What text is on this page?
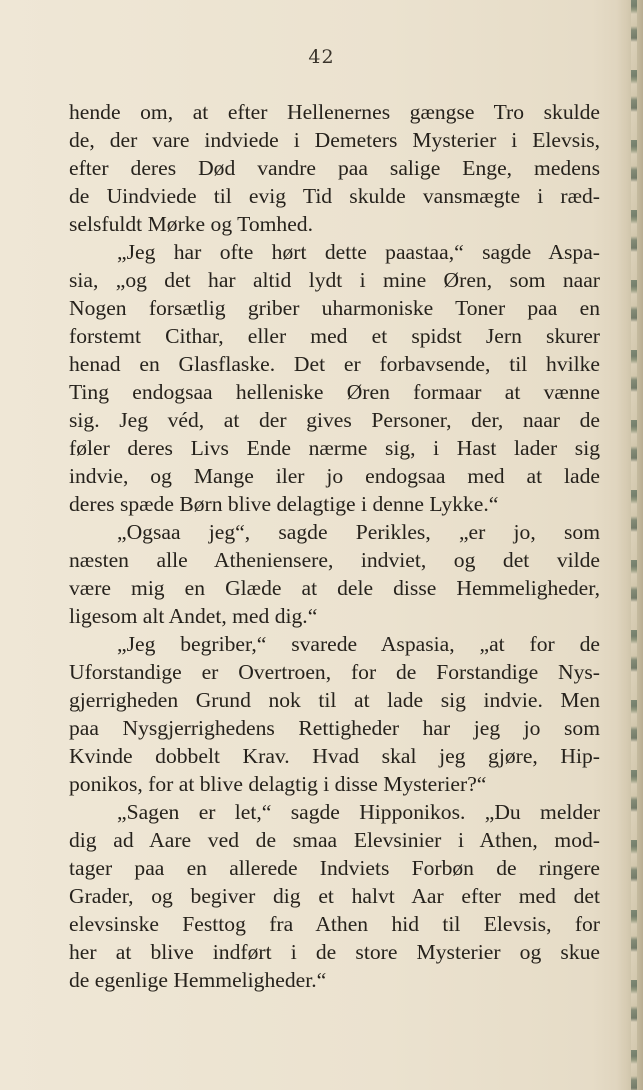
42
hende om, at efter Hellenernes gængse Tro skulde
de, der vare indviede i Demeters Mysterier i Elevsis,
efter deres Død vandre paa salige Enge, medens
de Uindviede til evig Tid skulde vansmægte i ræd-
selsfuldt Mørke og Tomhed.
„Jeg har ofte hørt dette paastaa,“ sagde Aspa-
sia, „og det har altid lydt i mine Øren, som naar
Nogen forsætlig griber uharmoniske Toner paa en
forstemt Cithar, eller med et spidst Jern skurer
henad en Glasflaske. Det er forbavsende, til hvilke
Ting endogsaa helleniske Øren formaar at vænne
sig. Jeg véd, at der gives Personer, der, naar de
føler deres Livs Ende nærme sig, i Hast lader sig
indvie, og Mange iler jo endogsaa med at lade
deres spæde Børn blive delagtige i denne Lykke.“
„Ogsaa jeg“, sagde Perikles, „er jo, som
næsten alle Atheniensere, indviet, og det vilde
være mig en Glæde at dele disse Hemmeligheder,
ligesom alt Andet, med dig.“
„Jeg begriber,“ svarede Aspasia, „at for de
Uforstandige er Overtroen, for de Forstandige Nys-
gjerrigheden Grund nok til at lade sig indvie. Men
paa Nysgjerrighedens Rettigheder har jeg jo som
Kvinde dobbelt Krav. Hvad skal jeg gjøre, Hip-
ponikos, for at blive delagtig i disse Mysterier?“
„Sagen er let,“ sagde Hipponikos. „Du melder
dig ad Aare ved de smaa Elevsinier i Athen, mod-
tager paa en allerede Indviets Forbøn de ringere
Grader, og begiver dig et halvt Aar efter med det
elevsinske Festtog fra Athen hid til Elevsis, for
her at blive indført i de store Mysterier og skue
de egenlige Hemmeligheder.“
